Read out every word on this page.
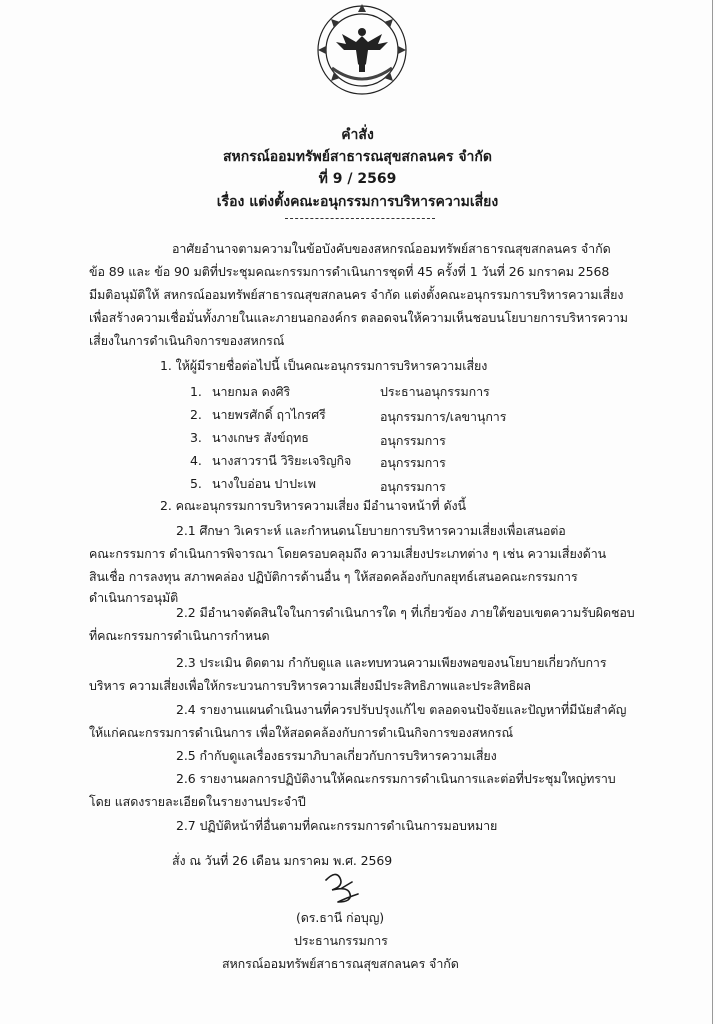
คำสั่ง
สหกรณ์ออมทรัพย์สาธารณสุขสกลนคร จำกัด
ที่ 9 / 2569
เรื่อง แต่งตั้งคณะอนุกรรมการบริหารความเสี่ยง
อาศัยอำนาจตามความในข้อบังคับของสหกรณ์ออมทรัพย์สาธารณสุขสกลนคร จำกัด
ข้อ 89 และ ข้อ 90 มติที่ประชุมคณะกรรมการดำเนินการชุดที่ 45 ครั้งที่ 1 วันที่ 26 มกราคม 2568
มีมติอนุมัติให้ สหกรณ์ออมทรัพย์สาธารณสุขสกลนคร จำกัด แต่งตั้งคณะอนุกรรมการบริหารความเสี่ยง
เพื่อสร้างความเชื่อมั่นทั้งภายในและภายนอกองค์กร ตลอดจนให้ความเห็นชอบนโยบายการบริหารความ
เสี่ยงในการดำเนินกิจการของสหกรณ์
1. ให้ผู้มีรายชื่อต่อไปนี้ เป็นคณะอนุกรรมการบริหารความเสี่ยง
1. นายกมล ดงศิริ	ประธานอนุกรรมการ
2. นายพรศักดิ์ ฤาไกรศรี	อนุกรรมการ/เลขานุการ
3. นางเกษร สังข์ฤทธ	อนุกรรมการ
4. นางสาวรานี วิริยะเจริญกิจ อนุกรรมการ
5. นางใบอ่อน ปาปะเพ	อนุกรรมการ
2. คณะอนุกรรมการบริหารความเสี่ยง มีอำนาจหน้าที่ ดังนี้
2.1 ศึกษา วิเคราะห์ และกำหนดนโยบายการบริหารความเสี่ยงเพื่อเสนอต่อ
คณะกรรมการ ดำเนินการพิจารณา โดยครอบคลุมถึง ความเสี่ยงประเภทต่าง ๆ เช่น ความเสี่ยงด้าน
สินเชื่อ การลงทุน สภาพคล่อง ปฏิบัติการด้านอื่น ๆ ให้สอดคล้องกับกลยุทธ์เสนอคณะกรรมการ
ดำเนินการอนุมัติ
2.2 มีอำนาจตัดสินใจในการดำเนินการใด ๆ ที่เกี่ยวข้อง ภายใต้ขอบเขตความรับผิดชอบ
ที่คณะกรรมการดำเนินการกำหนด
2.3 ประเมิน ติดตาม กำกับดูแล และทบทวนความเพียงพอของนโยบายเกี่ยวกับการ
บริหาร ความเสี่ยงเพื่อให้กระบวนการบริหารความเสี่ยงมีประสิทธิภาพและประสิทธิผล
2.4 รายงานแผนดำเนินงานที่ควรปรับปรุงแก้ไข ตลอดจนปัจจัยและปัญหาที่มีนัยสำคัญ
ให้แก่คณะกรรมการดำเนินการ เพื่อให้สอดคล้องกับการดำเนินกิจการของสหกรณ์
2.5 กำกับดูแลเรื่องธรรมาภิบาลเกี่ยวกับการบริหารความเสี่ยง
2.6 รายงานผลการปฏิบัติงานให้คณะกรรมการดำเนินการและต่อที่ประชุมใหญ่ทราบ
โดย แสดงรายละเอียดในรายงานประจำปี
2.7 ปฏิบัติหน้าที่อื่นตามที่คณะกรรมการดำเนินการมอบหมาย
สั่ง ณ วันที่ 26 เดือน มกราคม พ.ศ. 2569
(ดร.ธานี ก่อบุญ)
ประธานกรรมการ
สหกรณ์ออมทรัพย์สาธารณสุขสกลนคร จำกัด
